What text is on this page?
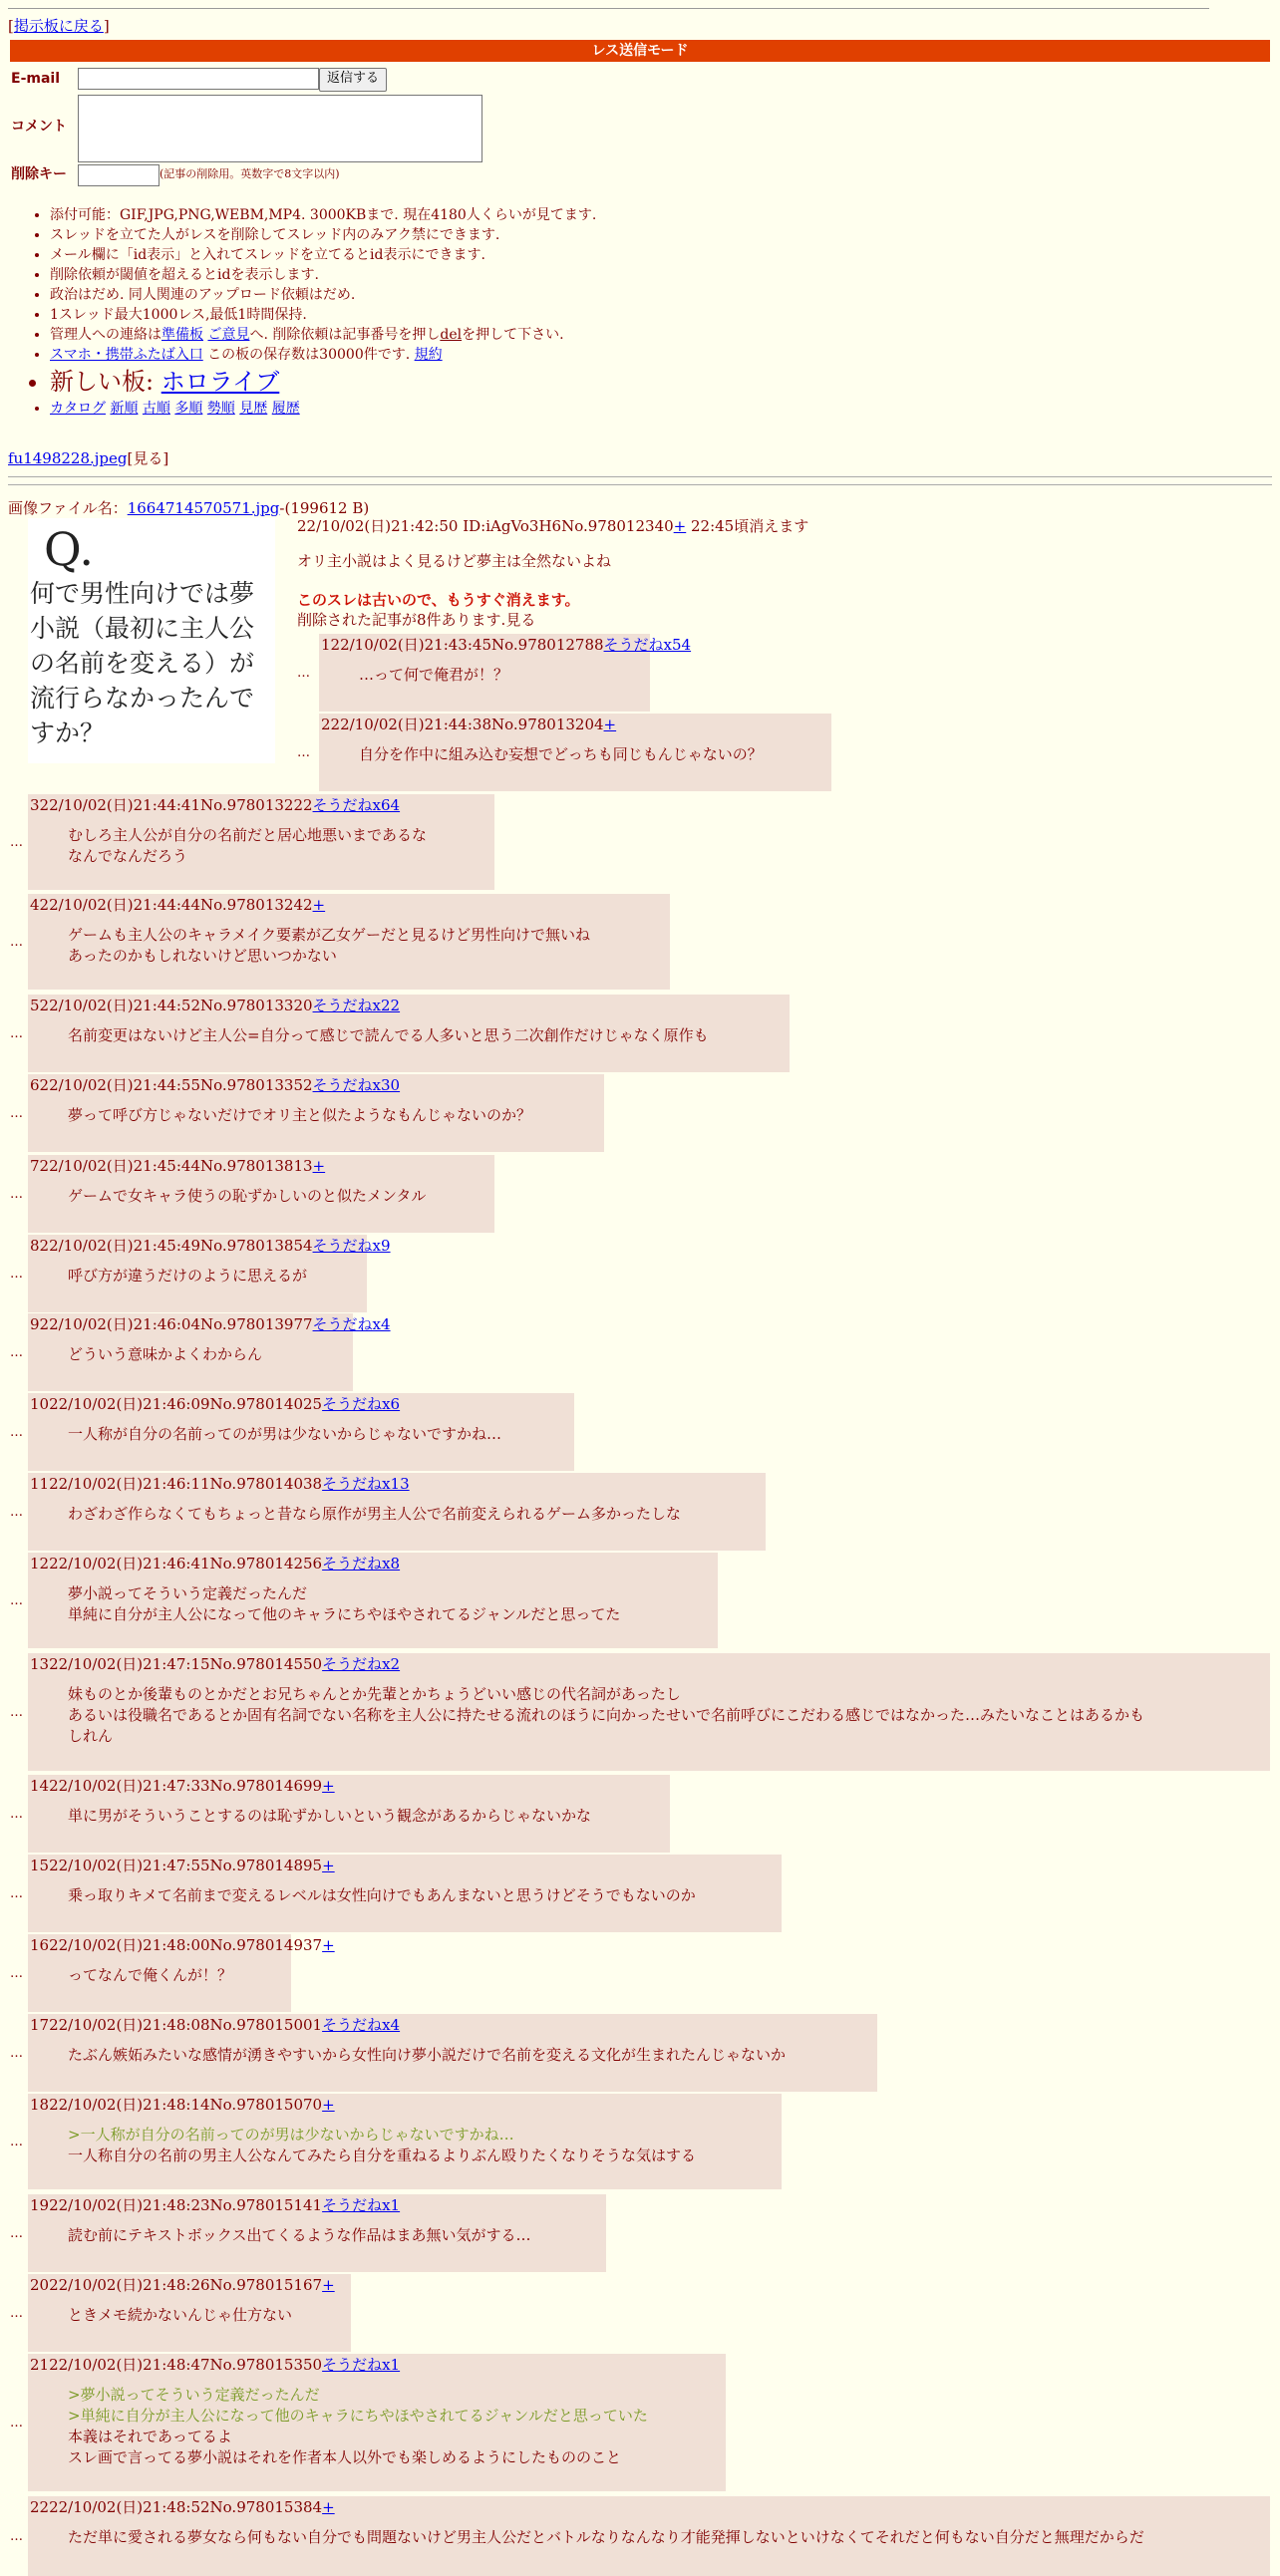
[掲示板に戻る]
レス送信モード
E-mail	返信する
コメント
削除キー	(記事の削除用。英数字で8文字以内)
• 添付可能：GIF,JPG,PNG,WEBM,MP4. 3000KBまで. 現在4180人くらいが見てます.
• スレッドを立てた人がレスを削除してスレッド内のみアク禁にできます.
• メール欄に「id表示」と入れてスレッドを立てるとid表示にできます.
• 削除依頼が閾値を超えるとidを表示します.
• 政治はだめ. 同人関連のアップロード依頼はだめ.
• 1スレッド最大1000レス,最低1時間保持.
• 管理人への連絡は準備板 ご意見へ. 削除依頼は記事番号を押しdelを押して下さい.
• スマホ・携帯ふたば入口 この板の保存数は30000件です. 規約
• 新しい板: ホロライブ
• カタログ 新順 古順 多順 勢順 見歴 履歴
fu1498228.jpeg[見る]
画像ファイル名：1664714570571.jpg-(199612 B)
Q.
何で男性向けでは夢小説（最初に主人公の名前を変える）が流行らなかったんですか？
22/10/02(日)21:42:50 ID:iAgVo3H6No.978012340+ 22:45頃消えます
オリ主小説はよく見るけど夢主は全然ないよね
このスレは古いので、もうすぐ消えます。
削除された記事が8件あります.見る
…
122/10/02(日)21:43:45No.978012788そうだねx54
…って何で俺君が！？
…
222/10/02(日)21:44:38No.978013204+
自分を作中に組み込む妄想でどっちも同じもんじゃないの？
…
322/10/02(日)21:44:41No.978013222そうだねx64
むしろ主人公が自分の名前だと居心地悪いまであるな
なんでなんだろう
…
422/10/02(日)21:44:44No.978013242+
ゲームも主人公のキャラメイク要素が乙女ゲーだと見るけど男性向けで無いね
あったのかもしれないけど思いつかない
…
522/10/02(日)21:44:52No.978013320そうだねx22
名前変更はないけど主人公=自分って感じで読んでる人多いと思う二次創作だけじゃなく原作も
…
622/10/02(日)21:44:55No.978013352そうだねx30
夢って呼び方じゃないだけでオリ主と似たようなもんじゃないのか？
…
722/10/02(日)21:45:44No.978013813+
ゲームで女キャラ使うの恥ずかしいのと似たメンタル
…
822/10/02(日)21:45:49No.978013854そうだねx9
呼び方が違うだけのように思えるが
…
922/10/02(日)21:46:04No.978013977そうだねx4
どういう意味かよくわからん
…
1022/10/02(日)21:46:09No.978014025そうだねx6
一人称が自分の名前ってのが男は少ないからじゃないですかね…
…
1122/10/02(日)21:46:11No.978014038そうだねx13
わざわざ作らなくてもちょっと昔なら原作が男主人公で名前変えられるゲーム多かったしな
…
1222/10/02(日)21:46:41No.978014256そうだねx8
夢小説ってそういう定義だったんだ
単純に自分が主人公になって他のキャラにちやほやされてるジャンルだと思ってた
…
1322/10/02(日)21:47:15No.978014550そうだねx2
妹ものとか後輩ものとかだとお兄ちゃんとか先輩とかちょうどいい感じの代名詞があったし
あるいは役職名であるとか固有名詞でない名称を主人公に持たせる流れのほうに向かったせいで名前呼びにこだわる感じではなかった…みたいなことはあるかも
しれん
…
1422/10/02(日)21:47:33No.978014699+
単に男がそういうことするのは恥ずかしいという観念があるからじゃないかな
…
1522/10/02(日)21:47:55No.978014895+
乗っ取りキメて名前まで変えるレベルは女性向けでもあんまないと思うけどそうでもないのか
…
1622/10/02(日)21:48:00No.978014937+
ってなんで俺くんが！？
…
1722/10/02(日)21:48:08No.978015001そうだねx4
たぶん嫉妬みたいな感情が湧きやすいから女性向け夢小説だけで名前を変える文化が生まれたんじゃないか
…
1822/10/02(日)21:48:14No.978015070+
>一人称が自分の名前ってのが男は少ないからじゃないですかね…
一人称自分の名前の男主人公なんてみたら自分を重ねるよりぶん殴りたくなりそうな気はする
…
1922/10/02(日)21:48:23No.978015141そうだねx1
読む前にテキストボックス出てくるような作品はまあ無い気がする…
…
2022/10/02(日)21:48:26No.978015167+
ときメモ続かないんじゃ仕方ない
…
2122/10/02(日)21:48:47No.978015350そうだねx1
>夢小説ってそういう定義だったんだ
>単純に自分が主人公になって他のキャラにちやほやされてるジャンルだと思っていた
本義はそれであってるよ
スレ画で言ってる夢小説はそれを作者本人以外でも楽しめるようにしたもののこと
…
2222/10/02(日)21:48:52No.978015384+
ただ単に愛される夢女なら何もない自分でも問題ないけど男主人公だとバトルなりなんなり才能発揮しないといけなくてそれだと何もない自分だと無理だからだ
